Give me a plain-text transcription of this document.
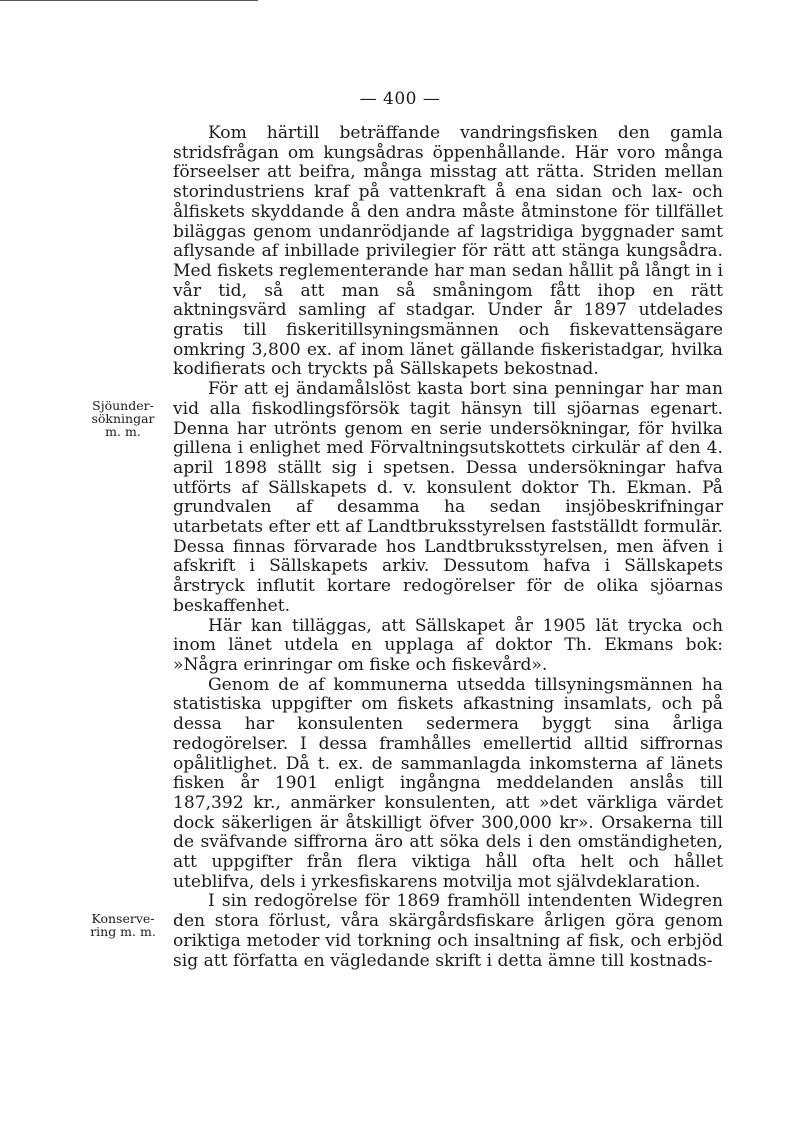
— 400 —
Sjöunder-
sökningar
m. m.
Konserve-
ring m. m.

Kom härtill beträffande vandringsfisken den gamla stridsfrågan om kungsådras öppenhållande. Här voro många förseelser att beifra, många misstag att rätta. Striden mellan storindustriens kraf på vattenkraft å ena sidan och lax- och ålfiskets skyddande å den andra måste åtminstone för tillfället biläggas genom undanrödjande af lagstridiga byggnader samt aflysande af inbillade privilegier för rätt att stänga kungsådra. Med fiskets reglementerande har man sedan hållit på långt in i vår tid, så att man så småningom fått ihop en rätt aktningsvärd samling af stadgar. Under år 1897 utdelades gratis till fiskeritillsyningsmännen och fiskevattensägare omkring 3,800 ex. af inom länet gällande fiskeristadgar, hvilka kodifierats och tryckts på Sällskapets bekostnad.

För att ej ändamålslöst kasta bort sina penningar har man vid alla fiskodlingsförsök tagit hänsyn till sjöarnas egenart. Denna har utrönts genom en serie undersökningar, för hvilka gillena i enlighet med Förvaltningsutskottets cirkulär af den 4. april 1898 ställt sig i spetsen. Dessa undersökningar hafva utförts af Sällskapets d. v. konsulent doktor Th. Ekman. På grundvalen af desamma ha sedan insjöbeskrifningar utarbetats efter ett af Landtbruksstyrelsen fastställdt formulär. Dessa finnas förvarade hos Landtbruksstyrelsen, men äfven i afskrift i Sällskapets arkiv. Dessutom hafva i Sällskapets årstryck influtit kortare redogörelser för de olika sjöarnas beskaffenhet.

Här kan tilläggas, att Sällskapet år 1905 lät trycka och inom länet utdela en upplaga af doktor Th. Ekmans bok: »Några erinringar om fiske och fiskevård».

Genom de af kommunerna utsedda tillsyningsmännen ha statistiska uppgifter om fiskets afkastning insamlats, och på dessa har konsulenten sedermera byggt sina årliga redogörelser. I dessa framhålles emellertid alltid siffrornas opålitlighet. Då t. ex. de sammanlagda inkomsterna af länets fisken år 1901 enligt ingångna meddelanden anslås till 187,392 kr., anmärker konsulenten, att »det värkliga värdet dock säkerligen är åtskilligt öfver 300,000 kr». Orsakerna till de sväfvande siffrorna äro att söka dels i den omständigheten, att uppgifter från flera viktiga håll ofta helt och hållet uteblifva, dels i yrkesfiskarens motvilja mot självdeklaration.

I sin redogörelse för 1869 framhöll intendenten Widegren den stora förlust, våra skärgårdsfiskare årligen göra genom oriktiga metoder vid torkning och insaltning af fisk, och erbjöd sig att författa en vägledande skrift i detta ämne till kostnads-
